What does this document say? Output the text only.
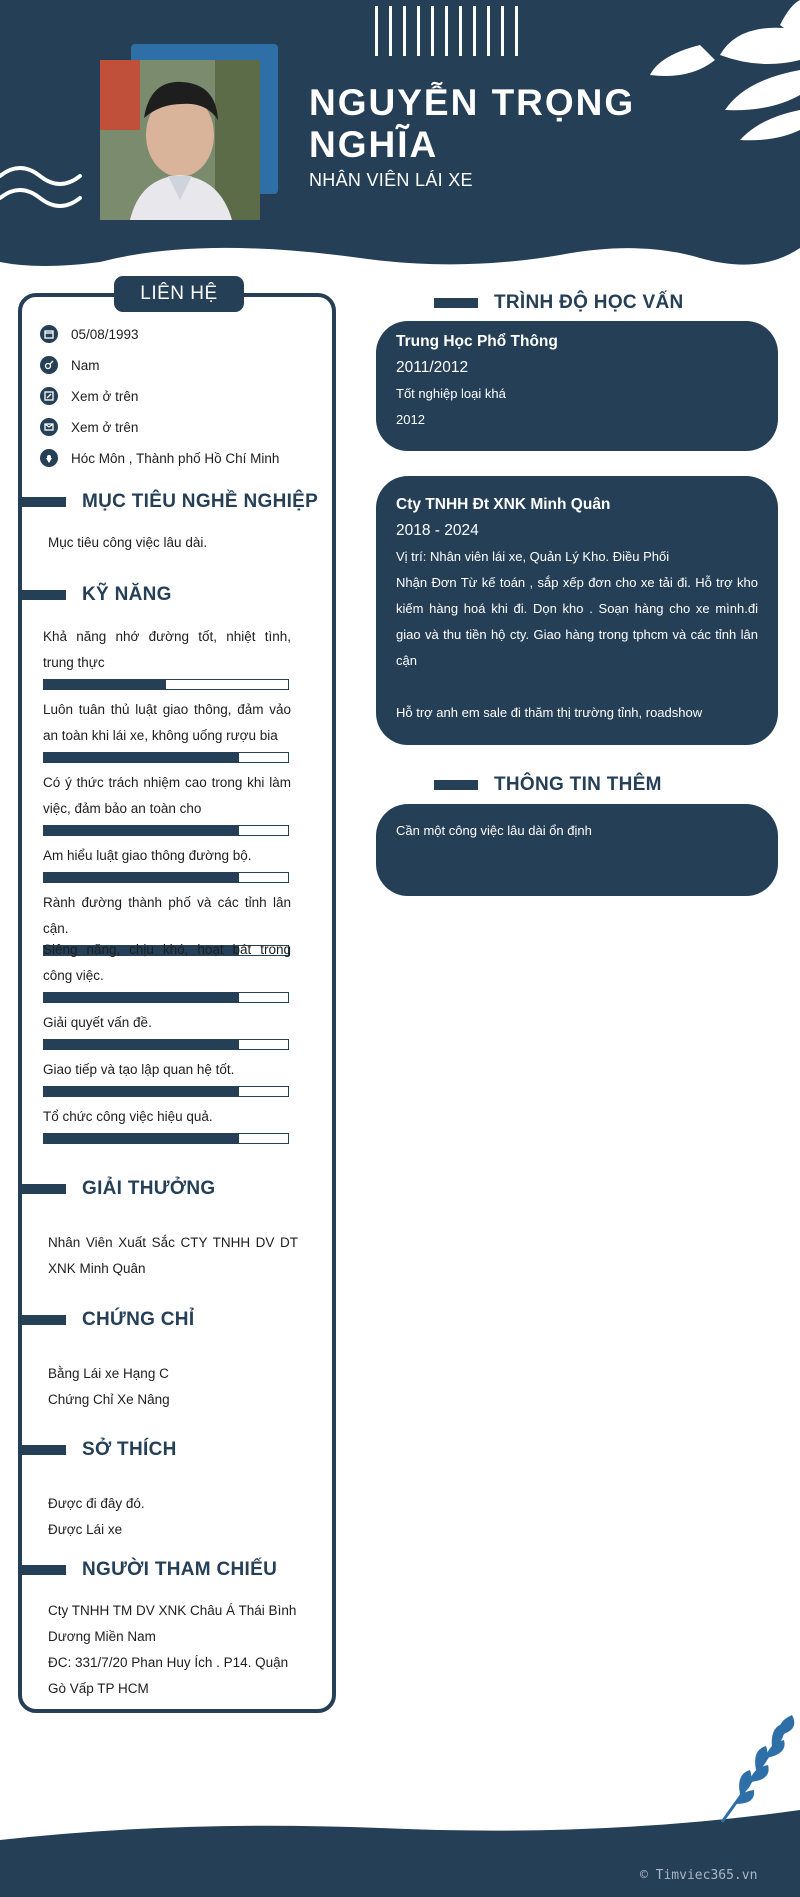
NGUYỄN TRỌNG NGHĨA
NHÂN VIÊN LÁI XE
LIÊN HỆ
05/08/1993
Nam
Xem ở trên
Xem ở trên
Hóc Môn , Thành phố Hồ Chí Minh
MỤC TIÊU NGHỀ NGHIỆP
Mục tiêu công việc lâu dài.
KỸ NĂNG
Khả năng nhớ đường tốt, nhiệt tình, trung thực
Luôn tuân thủ luật giao thông, đảm vảo an toàn khi lái xe, không uống rượu bia
Có ý thức trách nhiệm cao trong khi làm việc, đảm bảo an toàn cho
Am hiểu luật giao thông đường bộ.
Rành đường thành phố và các tỉnh lân cận.
Siêng năng, chịu khó, hoạt bát trong công việc.
Giải quyết vấn đề.
Giao tiếp và tạo lập quan hệ tốt.
Tổ chức công việc hiệu quả.
GIẢI THƯỞNG
Nhân Viên Xuất Sắc CTY TNHH DV DT XNK Minh Quân
CHỨNG CHỈ
Bằng Lái xe Hạng C
Chứng Chỉ Xe Nâng
SỞ THÍCH
Được đi đây đó.
Được Lái xe
NGƯỜI THAM CHIẾU
Cty TNHH TM DV XNK Châu Á Thái Bình Dương Miền Nam
ĐC: 331/7/20 Phan Huy Ích . P14. Quận Gò Vấp TP HCM
TRÌNH ĐỘ HỌC VẤN
Trung Học Phổ Thông
2011/2012
Tốt nghiệp loại khá
2012
Cty TNHH Đt XNK Minh Quân
2018 - 2024
Vị trí: Nhân viên lái xe, Quản Lý Kho. Điều Phối
Nhận Đơn Từ kế toán , sắp xếp đơn cho xe tải đi. Hỗ trợ kho kiếm hàng hoá khi đi. Dọn kho . Soạn hàng cho xe mình.đi giao và thu tiền hộ cty. Giao hàng trong tphcm và các tỉnh lân cận
Hỗ trợ anh em sale đi thăm thị trường tỉnh, roadshow
THÔNG TIN THÊM
Cần một công việc lâu dài ổn định
© Timviec365.vn
